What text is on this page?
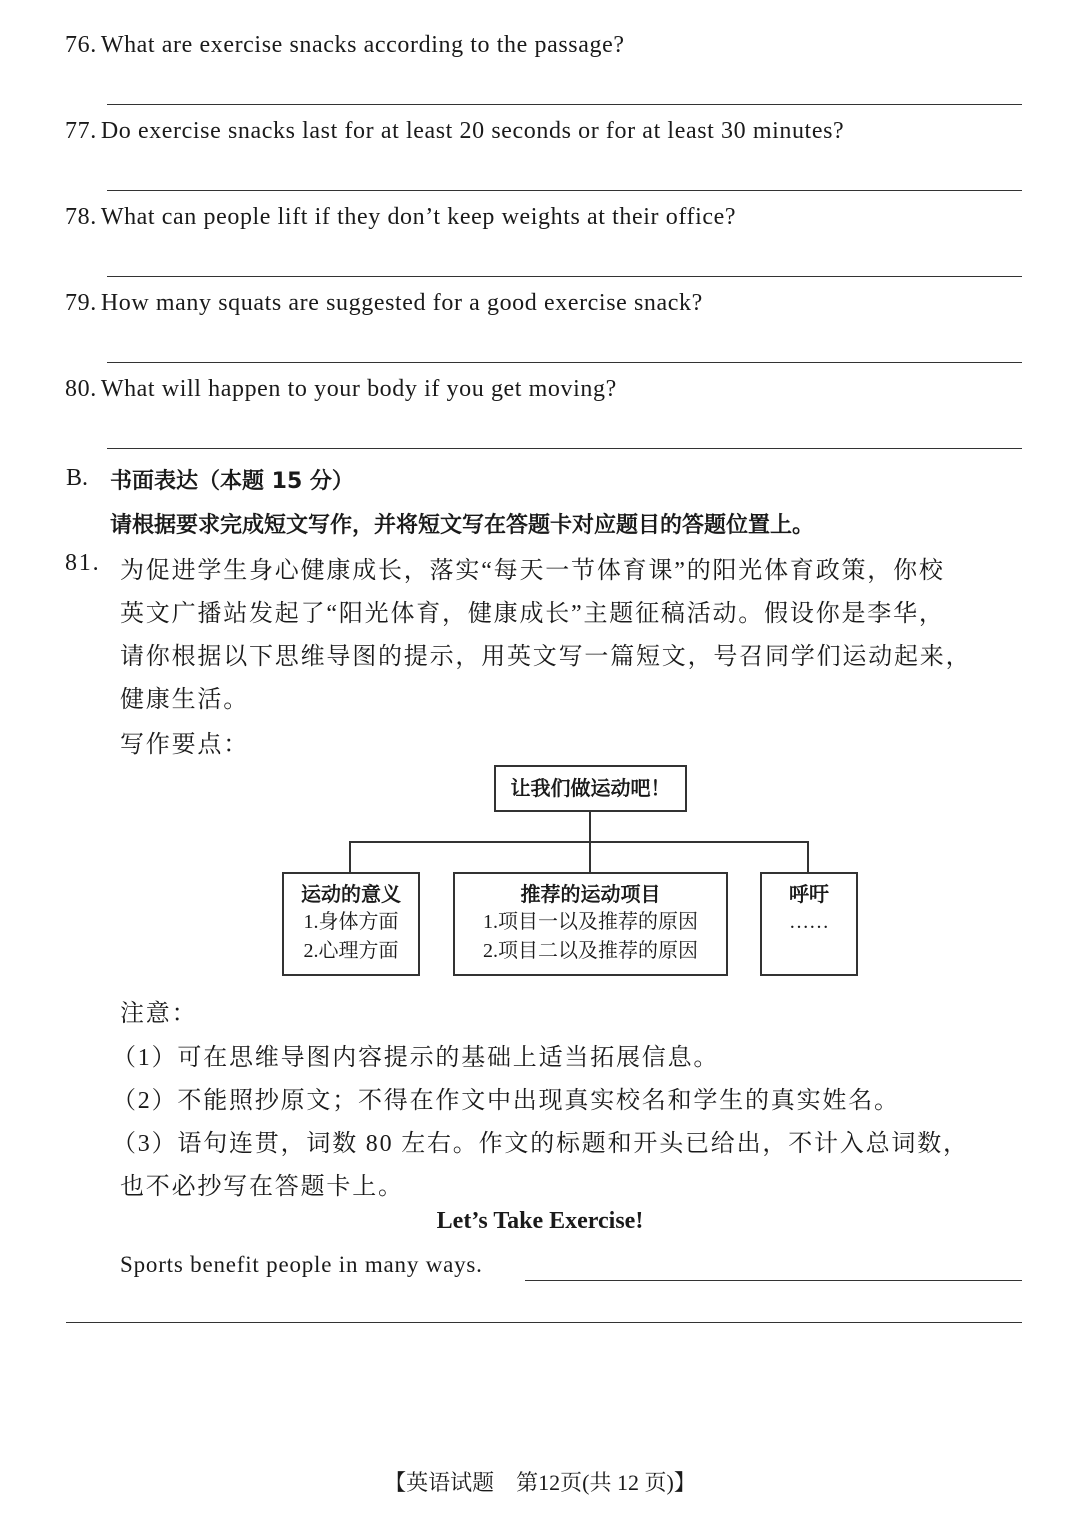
76. What are exercise snacks according to the passage?
77. Do exercise snacks last for at least 20 seconds or for at least 30 minutes?
78. What can people lift if they don’t keep weights at their office?
79. How many squats are suggested for a good exercise snack?
80. What will happen to your body if you get moving?
B. 书面表达（本题 15 分）
请根据要求完成短文写作，并将短文写在答题卡对应题目的答题位置上。
81. 为促进学生身心健康成长，落实“每天一节体育课”的阳光体育政策，你校
英文广播站发起了“阳光体育，健康成长”主题征稿活动。假设你是李华，
请你根据以下思维导图的提示，用英文写一篇短文，号召同学们运动起来，
健康生活。
写作要点：
让我们做运动吧！
运动的意义
1.身体方面
2.心理方面
推荐的运动项目
1.项目一以及推荐的原因
2.项目二以及推荐的原因
呼吁
……
注意：
（1）可在思维导图内容提示的基础上适当拓展信息。
（2）不能照抄原文；不得在作文中出现真实校名和学生的真实姓名。
（3）语句连贯，词数 80 左右。作文的标题和开头已给出，不计入总词数，
也不必抄写在答题卡上。
Let’s Take Exercise!
Sports benefit people in many ways.
【英语试题　第12页(共 12 页)】
